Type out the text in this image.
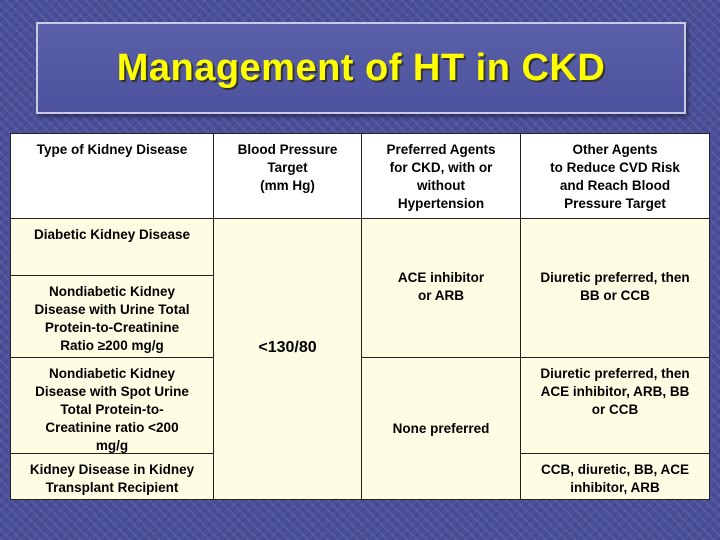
Management of HT in CKD
Type of Kidney Disease	Blood Pressure
Target
(mm Hg)
Preferred Agents
for CKD, with or
without
Hypertension
Other Agents
to Reduce CVD Risk
and Reach Blood
Pressure Target
Diabetic Kidney Disease
Nondiabetic Kidney
Disease with Urine Total
Protein-to-Creatinine
Ratio ≥200 mg/g
Nondiabetic Kidney
Disease with Spot Urine
Total Protein-to-
Creatinine ratio <200
mg/g
Kidney Disease in Kidney
Transplant Recipient
<130/80
ACE inhibitor
or ARB
None preferred
Diuretic preferred, then
BB or CCB
Diuretic preferred, then
ACE inhibitor, ARB, BB
or CCB
CCB, diuretic, BB, ACE
inhibitor, ARB
